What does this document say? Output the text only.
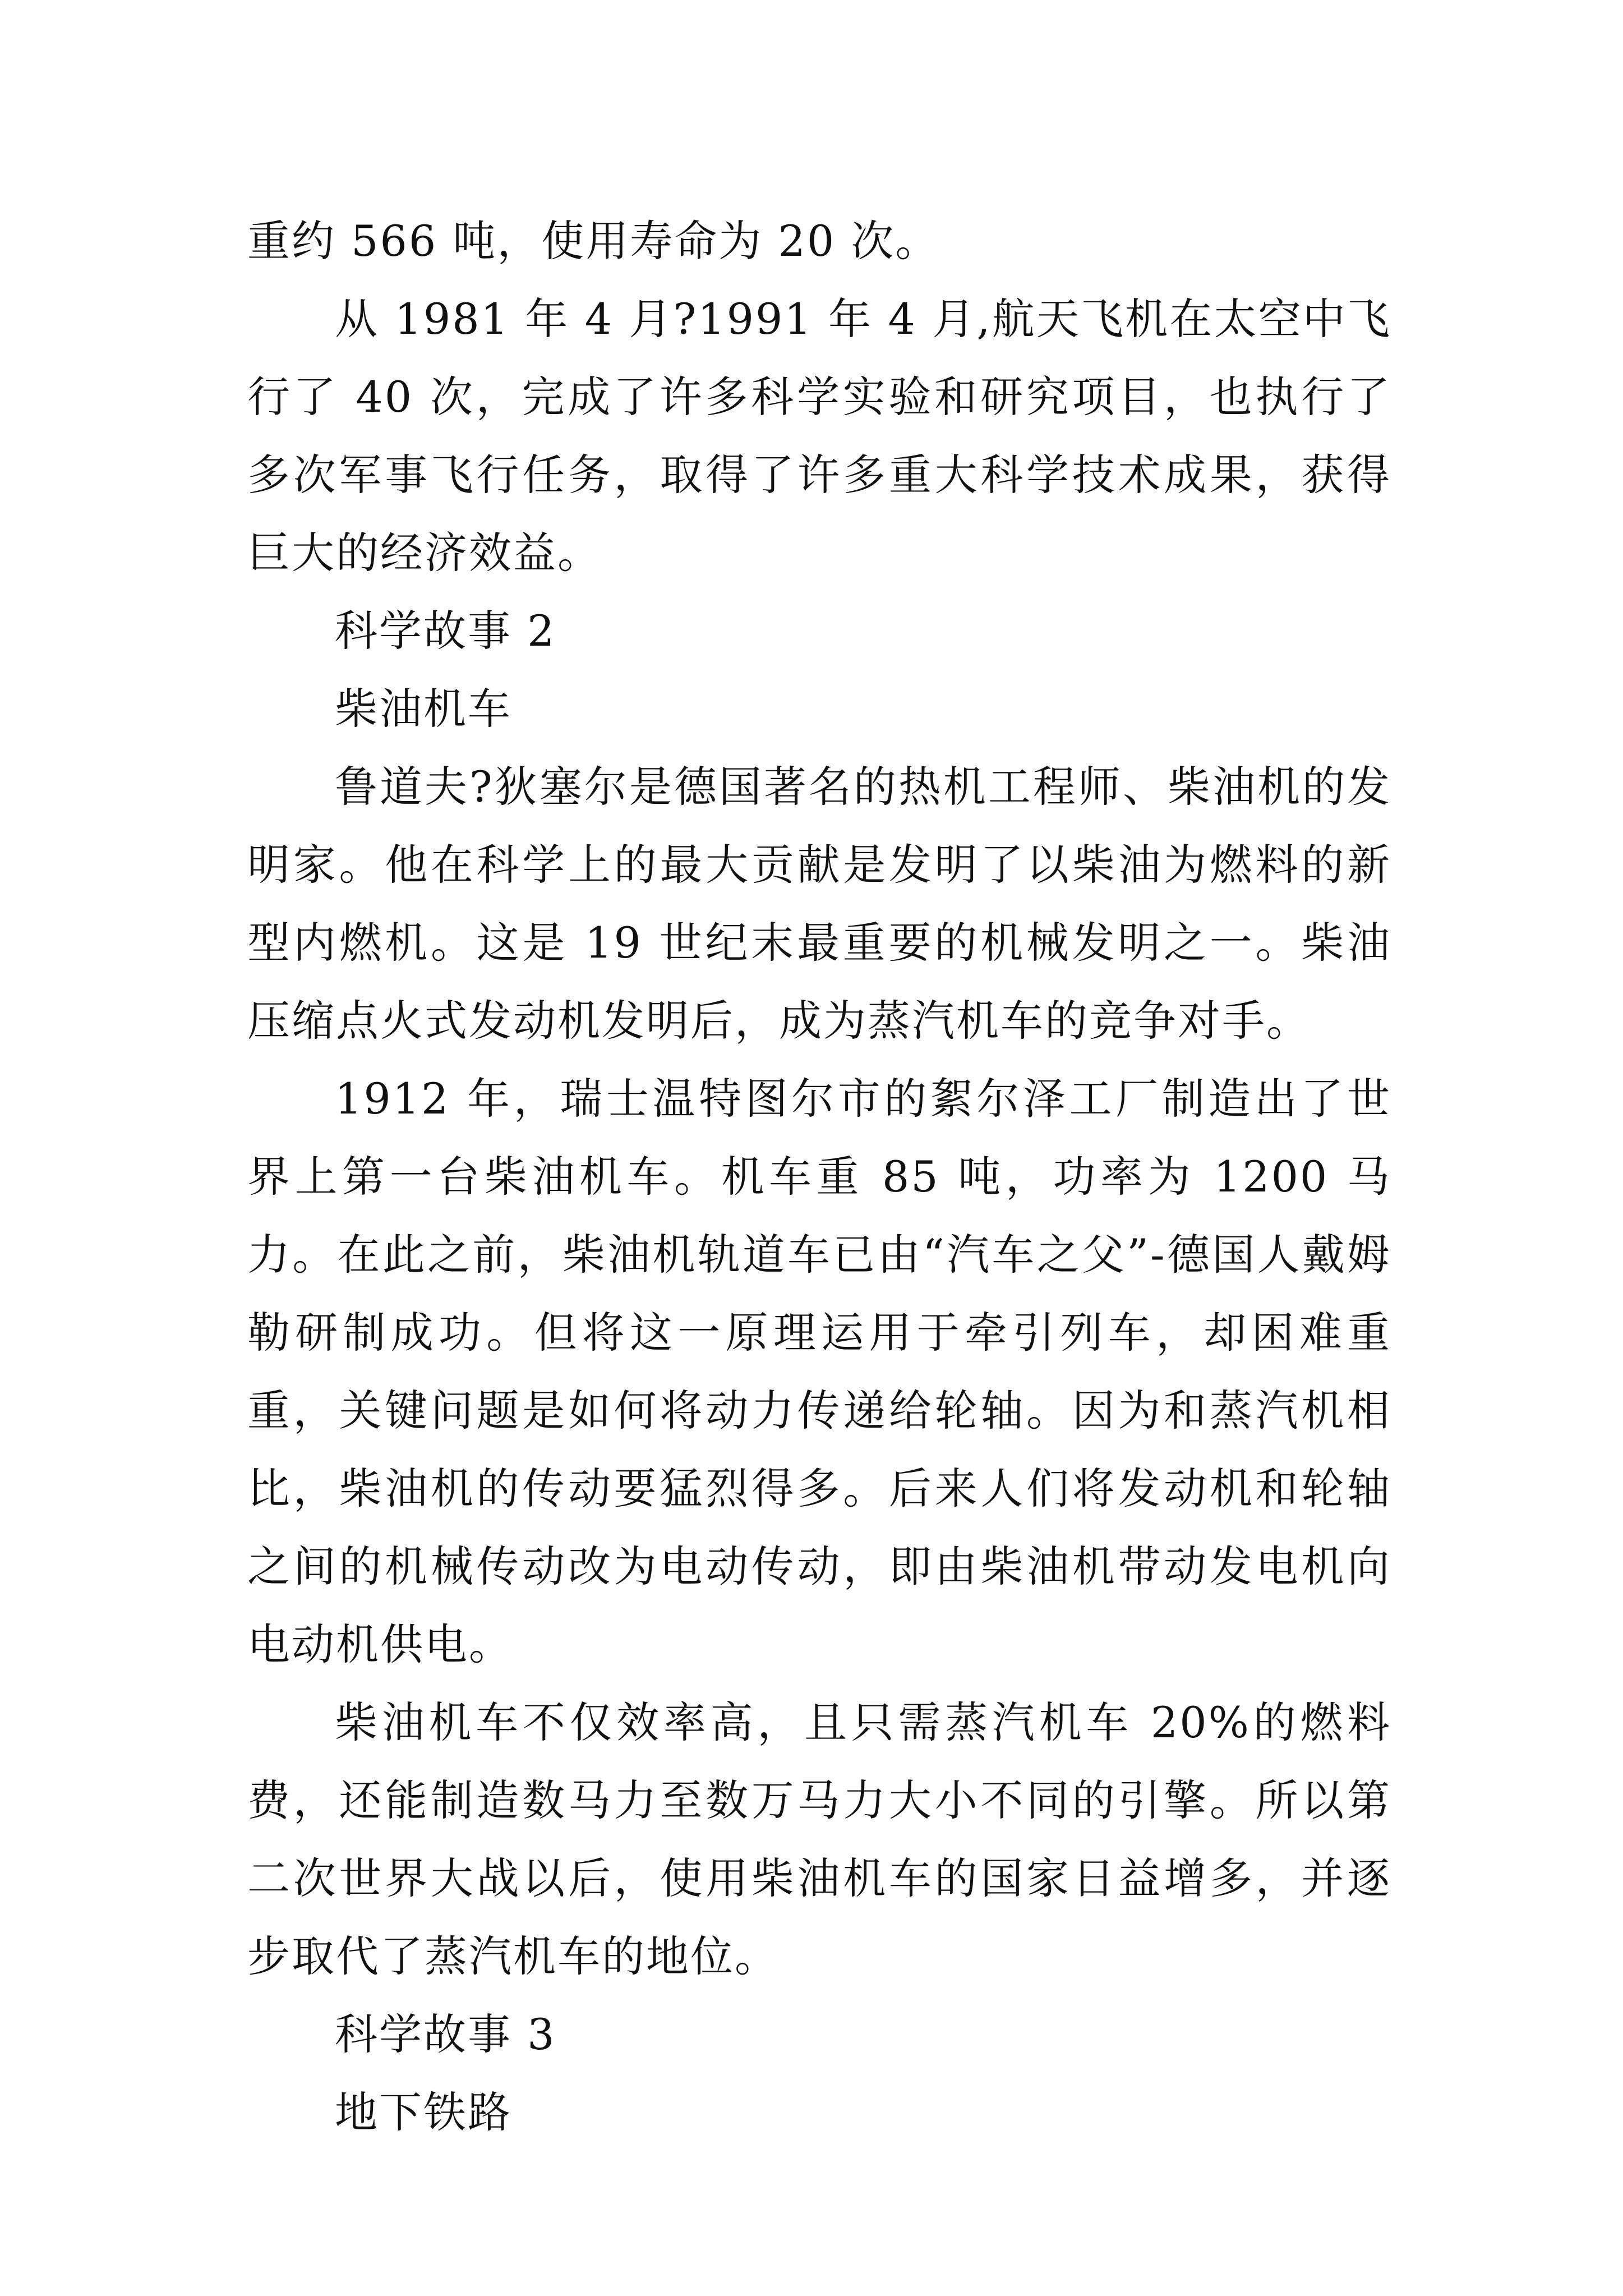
重约 566 吨，使用寿命为 20 次。

从 1981 年 4 月?1991 年 4 月,航天飞机在太空中飞行了 40 次，完成了许多科学实验和研究项目，也执行了多次军事飞行任务，取得了许多重大科学技术成果，获得巨大的经济效益。

科学故事 2

柴油机车

鲁道夫?狄塞尔是德国著名的热机工程师、柴油机的发明家。他在科学上的最大贡献是发明了以柴油为燃料的新型内燃机。这是 19 世纪末最重要的机械发明之一。柴油压缩点火式发动机发明后，成为蒸汽机车的竞争对手。

1912 年，瑞士温特图尔市的絮尔泽工厂制造出了世界上第一台柴油机车。机车重 85 吨，功率为 1200 马力。在此之前，柴油机轨道车已由“汽车之父”-德国人戴姆勒研制成功。但将这一原理运用于牵引列车，却困难重重，关键问题是如何将动力传递给轮轴。因为和蒸汽机相比，柴油机的传动要猛烈得多。后来人们将发动机和轮轴之间的机械传动改为电动传动，即由柴油机带动发电机向电动机供电。

柴油机车不仅效率高，且只需蒸汽机车 20%的燃料费，还能制造数马力至数万马力大小不同的引擎。所以第二次世界大战以后，使用柴油机车的国家日益增多，并逐步取代了蒸汽机车的地位。

科学故事 3

地下铁路
